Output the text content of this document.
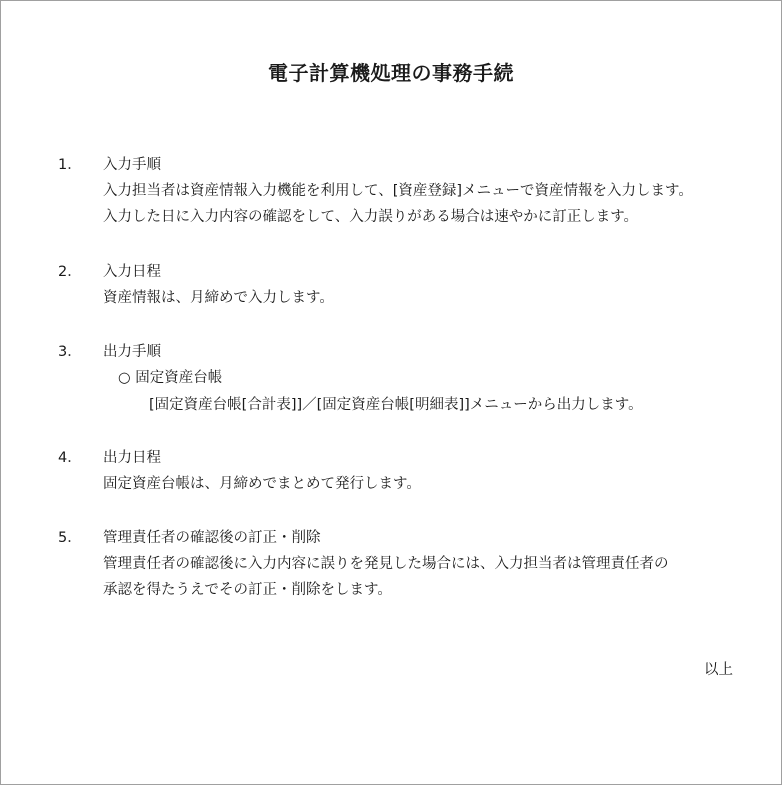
電子計算機処理の事務手続
1． 入力手順
入力担当者は資産情報入力機能を利用して、[資産登録]メニューで資産情報を入力します。
入力した日に入力内容の確認をして、入力誤りがある場合は速やかに訂正します。
2． 入力日程
資産情報は、月締めで入力します。
3． 出力手順
○ 固定資産台帳
[固定資産台帳[合計表]]／[固定資産台帳[明細表]]メニューから出力します。
4． 出力日程
固定資産台帳は、月締めでまとめて発行します。
5． 管理責任者の確認後の訂正・削除
管理責任者の確認後に入力内容に誤りを発見した場合には、入力担当者は管理責任者の
承認を得たうえでその訂正・削除をします。
以上
